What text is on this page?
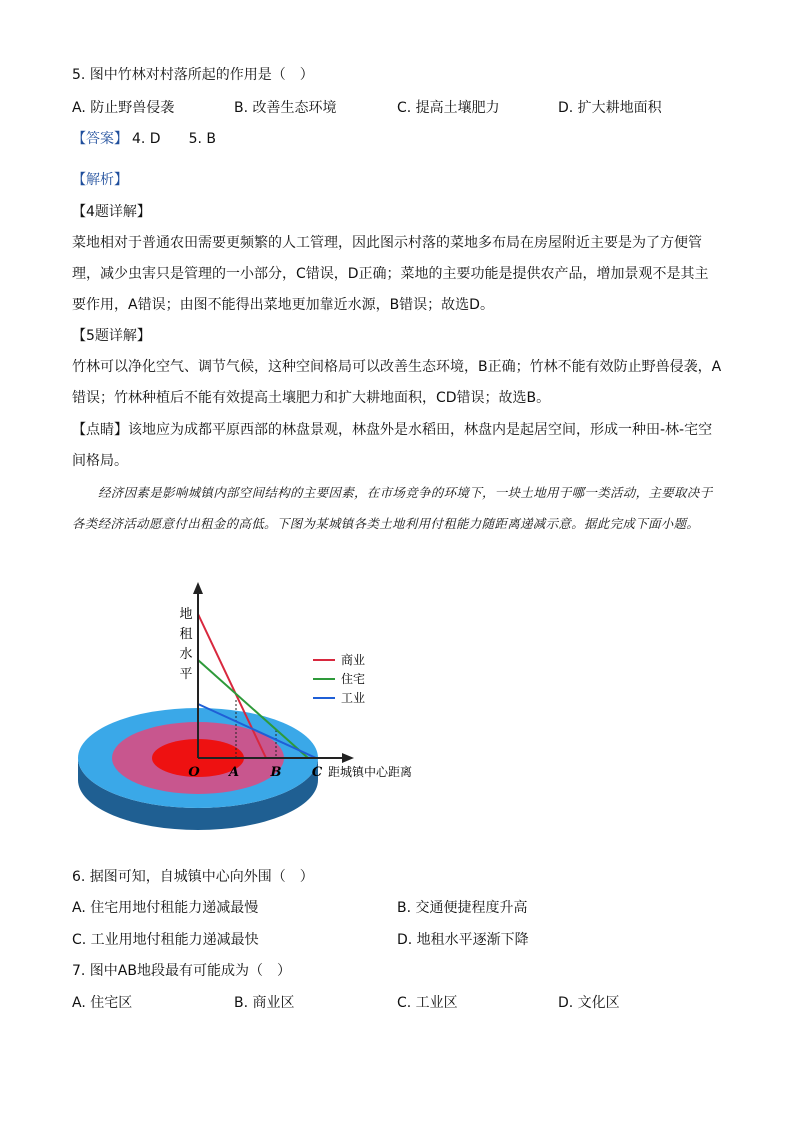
5. 图中竹林对村落所起的作用是（　）
A. 防止野兽侵袭	B. 改善生态环境	C. 提高土壤肥力	D. 扩大耕地面积
【答案】 4. D　　5. B
【解析】
【4题详解】
菜地相对于普通农田需要更频繁的人工管理，因此图示村落的菜地多布局在房屋附近主要是为了方便管理，减少虫害只是管理的一小部分，C错误，D正确；菜地的主要功能是提供农产品，增加景观不是其主要作用，A错误；由图不能得出菜地更加靠近水源，B错误；故选D。
【5题详解】
竹林可以净化空气、调节气候，这种空间格局可以改善生态环境，B正确；竹林不能有效防止野兽侵袭，A错误；竹林种植后不能有效提高土壤肥力和扩大耕地面积，CD错误；故选B。
【点睛】该地应为成都平原西部的林盘景观，林盘外是水稻田，林盘内是起居空间，形成一种田-林-宅空间格局。
经济因素是影响城镇内部空间结构的主要因素，在市场竞争的环境下，一块土地用于哪一类活动，主要取决于各类经济活动愿意付出租金的高低。下图为某城镇各类土地利用付租能力随距离递减示意。据此完成下面小题。
地
租
水
平
O A B C 距城镇中心距离
商业
住宅
工业
6. 据图可知，自城镇中心向外围（　）
A. 住宅用地付租能力递减最慢	B. 交通便捷程度升高
C. 工业用地付租能力递减最快	D. 地租水平逐渐下降
7. 图中AB地段最有可能成为（　）
A. 住宅区	B. 商业区	C. 工业区	D. 文化区
